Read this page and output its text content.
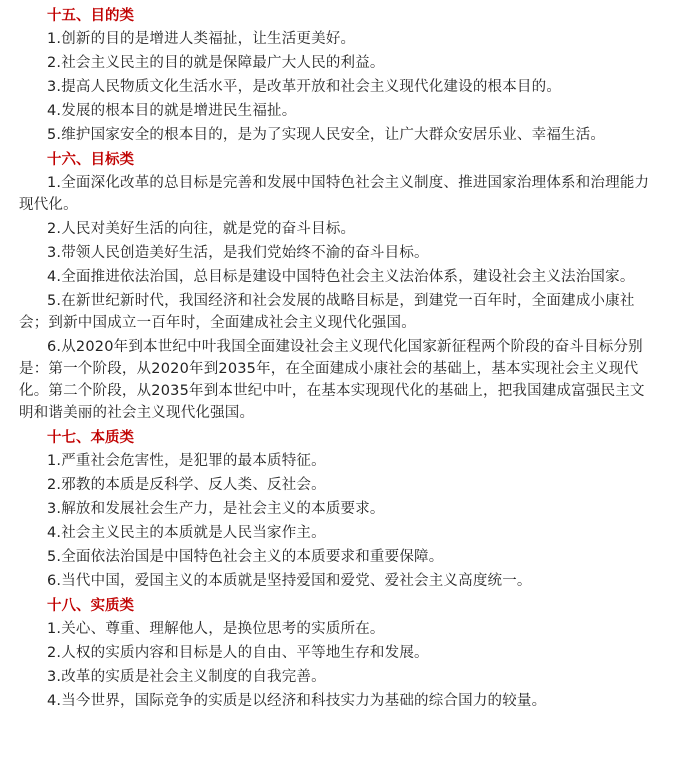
十五、目的类

1.创新的目的是增进人类福扯，让生活更美好。

2.社会主义民主的目的就是保障最广大人民的利益。

3.提高人民物质文化生活水平，是改革开放和社会主义现代化建设的根本目的。

4.发展的根本目的就是增进民生福扯。

5.维护国家安全的根本目的，是为了实现人民安全，让广大群众安居乐业、幸福生活。

十六、目标类

1.全面深化改革的总目标是完善和发展中国特色社会主义制度、推进国家治理体系和治理能力现代化。

2.人民对美好生活的向往，就是党的奋斗目标。

3.带领人民创造美好生活，是我们党始终不渝的奋斗目标。

4.全面推进依法治国，总目标是建设中国特色社会主义法治体系，建设社会主义法治国家。

5.在新世纪新时代，我国经济和社会发展的战略目标是，到建党一百年时，全面建成小康社会；到新中国成立一百年时，全面建成社会主义现代化强国。

6.从2020年到本世纪中叶我国全面建设社会主义现代化国家新征程两个阶段的奋斗目标分别是：第一个阶段，从2020年到2035年，在全面建成小康社会的基础上，基本实现社会主义现代化。第二个阶段，从2035年到本世纪中叶，在基本实现现代化的基础上，把我国建成富强民主文明和谐美丽的社会主义现代化强国。

十七、本质类

1.严重社会危害性，是犯罪的最本质特征。

2.邪教的本质是反科学、反人类、反社会。

3.解放和发展社会生产力，是社会主义的本质要求。

4.社会主义民主的本质就是人民当家作主。

5.全面依法治国是中国特色社会主义的本质要求和重要保障。

6.当代中国，爱国主义的本质就是坚持爱国和爱党、爱社会主义高度统一。

十八、实质类

1.关心、尊重、理解他人，是换位思考的实质所在。

2.人权的实质内容和目标是人的自由、平等地生存和发展。

3.改革的实质是社会主义制度的自我完善。

4.当今世界，国际竞争的实质是以经济和科技实力为基础的综合国力的较量。
